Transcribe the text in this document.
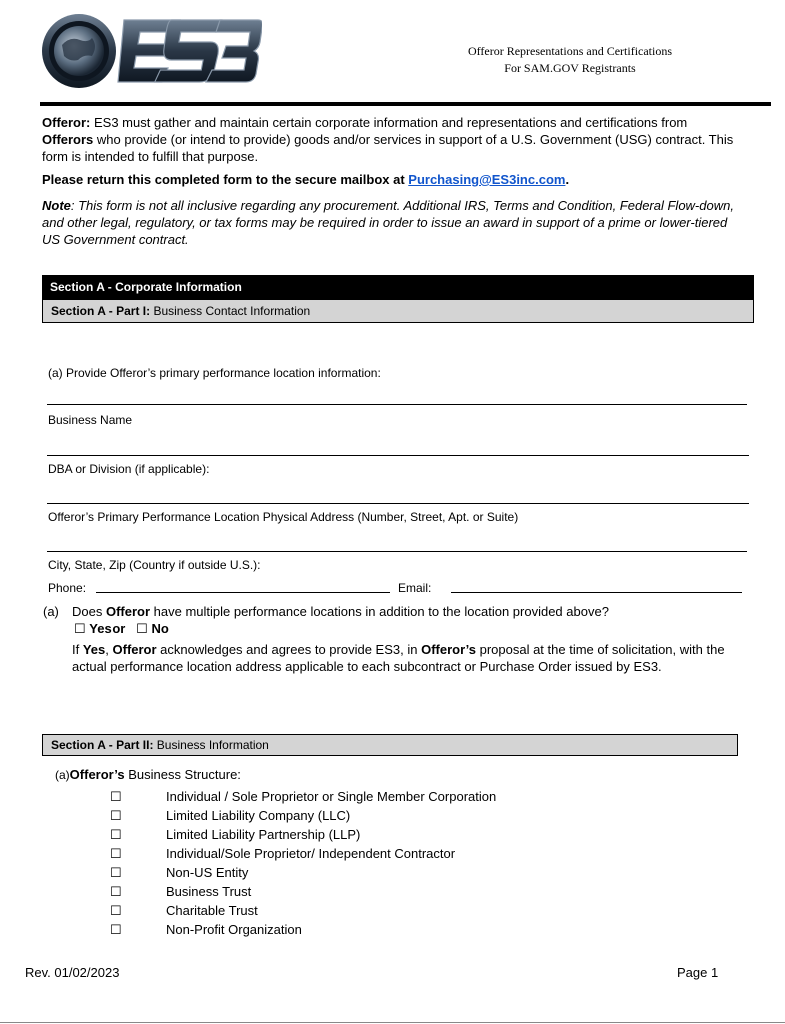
Offeror Representations and Certifications
For SAM.GOV Registrants
Offeror: ES3 must gather and maintain certain corporate information and representations and certifications from Offerors who provide (or intend to provide) goods and/or services in support of a U.S. Government (USG) contract. This form is intended to fulfill that purpose.
Please return this completed form to the secure mailbox at Purchasing@ES3inc.com.
Note: This form is not all inclusive regarding any procurement. Additional IRS, Terms and Condition, Federal Flow-down, and other legal, regulatory, or tax forms may be required in order to issue an award in support of a prime or lower-tiered US Government contract.
Section A - Corporate Information
Section A - Part I: Business Contact Information
(a) Provide Offeror’s primary performance location information:
Business Name
DBA or Division (if applicable):
Offeror’s Primary Performance Location Physical Address (Number, Street, Apt. or Suite)
City, State, Zip (Country if outside U.S.):
Phone:	Email:
(a) Does Offeror have multiple performance locations in addition to the location provided above?
☐ Yes or ☐ No
If Yes, Offeror acknowledges and agrees to provide ES3, in Offeror’s proposal at the time of solicitation, with the actual performance location address applicable to each subcontract or Purchase Order issued by ES3.
Section A - Part II: Business Information
(a)Offeror’s Business Structure:
☐	Individual / Sole Proprietor or Single Member Corporation
☐	Limited Liability Company (LLC)
☐	Limited Liability Partnership (LLP)
☐	Individual/Sole Proprietor/ Independent Contractor
☐	Non-US Entity
☐	Business Trust
☐	Charitable Trust
☐	Non-Profit Organization
Rev. 01/02/2023	Page 1
